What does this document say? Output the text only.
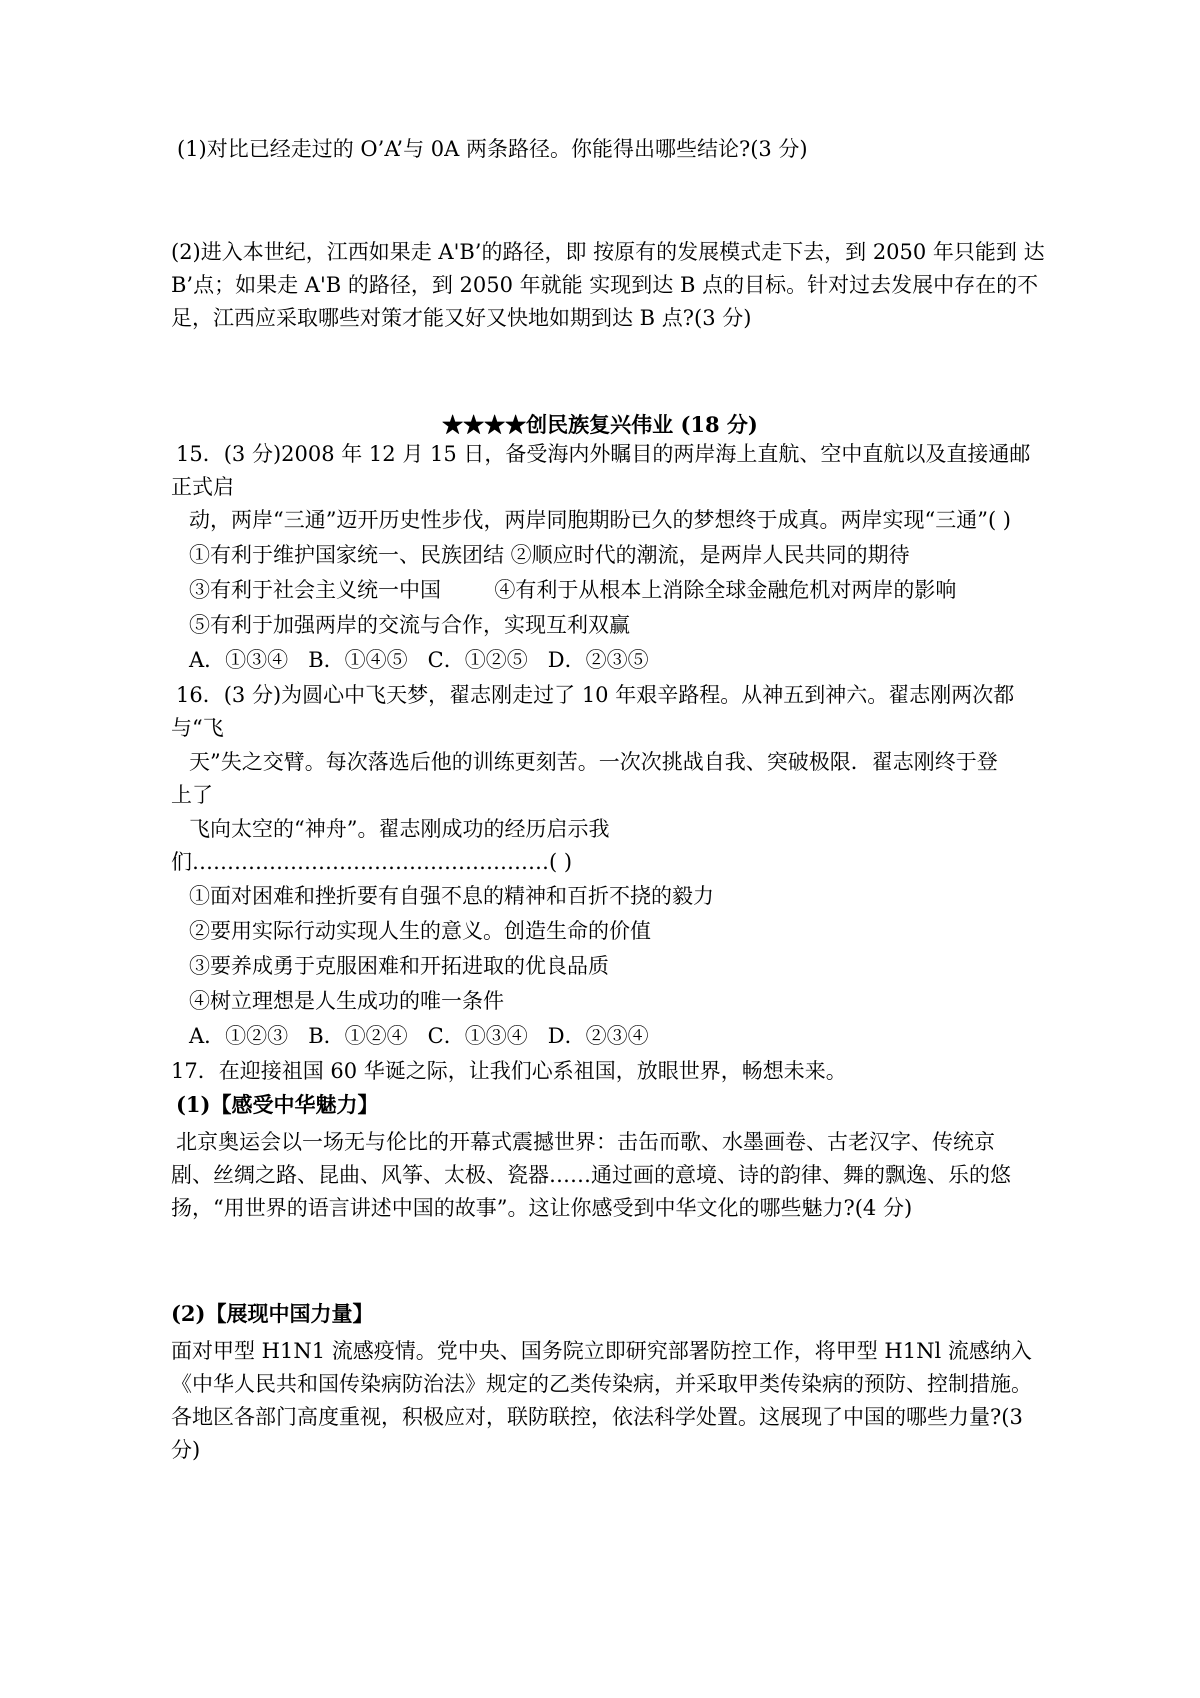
(1)对比已经走过的 O’A’与 0A 两条路径。你能得出哪些结论?(3 分)
(2)进入本世纪，江西如果走 A'B’的路径，即 按原有的发展模式走下去，到 2050 年只能到 达
B’点；如果走 A'B 的路径，到 2050 年就能 实现到达 B 点的目标。针对过去发展中存在的不
足，江西应采取哪些对策才能又好又快地如期到达 B 点?(3 分)
★★★★创民族复兴伟业 (18 分)
15．(3 分)2008 年 12 月 15 日，备受海内外瞩目的两岸海上直航、空中直航以及直接通邮
正式启
动，两岸“三通”迈开历史性步伐，两岸同胞期盼已久的梦想终于成真。两岸实现“三通”( )
①有利于维护国家统一、民族团结 ②顺应时代的潮流，是两岸人民共同的期待
③有利于社会主义统一中国        ④有利于从根本上消除全球金融危机对两岸的影响
⑤有利于加强两岸的交流与合作，实现互利双赢
A．①③④   B．①④⑤   C．①②⑤   D．②③⑤
16．(3 分)为圆心中飞天梦，翟志刚走过了 10 年艰辛路程。从神五到神六。翟志刚两次都
与“飞
天”失之交臂。每次落选后他的训练更刻苦。一次次挑战自我、突破极限．翟志刚终于登
上了
飞向太空的“神舟”。翟志刚成功的经历启示我
们……………………………………………( )
①面对困难和挫折要有自强不息的精神和百折不挠的毅力
②要用实际行动实现人生的意义。创造生命的价值
③要养成勇于克服困难和开拓进取的优良品质
④树立理想是人生成功的唯一条件
A．①②③   B．①②④   C．①③④   D．②③④
17．在迎接祖国 60 华诞之际，让我们心系祖国，放眼世界，畅想未来。
(1)【感受中华魅力】
北京奥运会以一场无与伦比的开幕式震撼世界：击缶而歌、水墨画卷、古老汉字、传统京
剧、丝绸之路、昆曲、风筝、太极、瓷器……通过画的意境、诗的韵律、舞的飘逸、乐的悠
扬，“用世界的语言讲述中国的故事”。这让你感受到中华文化的哪些魅力?(4 分)
(2)【展现中国力量】
面对甲型 H1N1 流感疫情。党中央、国务院立即研究部署防控工作，将甲型 H1Nl 流感纳入
《中华人民共和国传染病防治法》规定的乙类传染病，并采取甲类传染病的预防、控制措施。
各地区各部门高度重视，积极应对，联防联控，依法科学处置。这展现了中国的哪些力量?(3
分)
